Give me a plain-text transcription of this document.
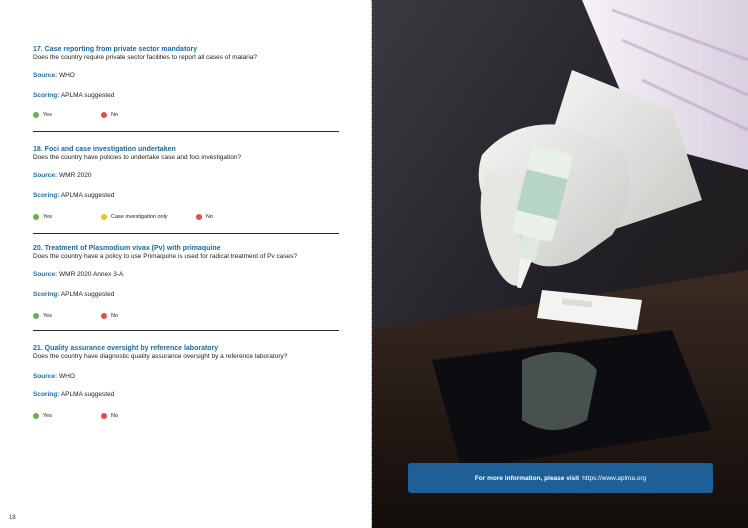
17. Case reporting from private sector mandatory
Does the country require private sector facilities to report all cases of malaria?
Source: WHO
Scoring: APLMA suggested
Yes	No
18. Foci and case investigation undertaken
Does the country have policies to undertake case and foci investigation?
Source: WMR 2020
Scoring: APLMA suggested
Yes	Case investigation only	No
20. Treatment of Plasmodium vivax (Pv) with primaquine
Does the country have a policy to use Primaquine is used for radical treatment of Pv cases?
Source: WMR 2020 Annex 3-A
Scoring: APLMA suggested
Yes	No
21. Quality assurance oversight by reference laboratory
Does the country have diagnostic quality assurance oversight by a reference laboratory?
Source: WHO
Scoring: APLMA suggested
Yes	No
18
For more information, please visit https://www.aplma.org
